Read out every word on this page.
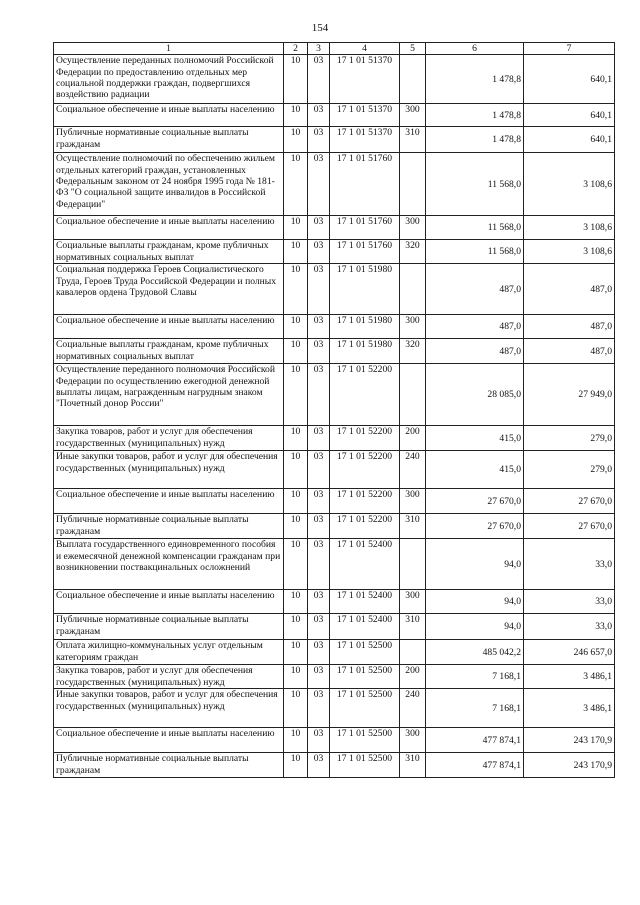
154
1	2	3	4	5	6	7
Осуществление переданных полномочий Российской Федерации по предоставлению отдельных мер социальной поддержки граждан, подвергшихся воздействию радиации	10	03	17 1 01 51370		1 478,8	640,1
Социальное обеспечение и иные выплаты населению	10	03	17 1 01 51370	300	1 478,8	640,1
Публичные нормативные социальные выплаты гражданам	10	03	17 1 01 51370	310	1 478,8	640,1
Осуществление полномочий по обеспечению жильем отдельных категорий граждан, установленных Федеральным законом от 24 ноября 1995 года № 181-ФЗ "О социальной защите инвалидов в Российской Федерации"	10	03	17 1 01 51760		11 568,0	3 108,6
Социальное обеспечение и иные выплаты населению	10	03	17 1 01 51760	300	11 568,0	3 108,6
Социальные выплаты гражданам, кроме публичных нормативных социальных выплат	10	03	17 1 01 51760	320	11 568,0	3 108,6
Социальная поддержка Героев Социалистического Труда, Героев Труда Российской Федерации и полных кавалеров ордена Трудовой Славы	10	03	17 1 01 51980		487,0	487,0
Социальное обеспечение и иные выплаты населению	10	03	17 1 01 51980	300	487,0	487,0
Социальные выплаты гражданам, кроме публичных нормативных социальных выплат	10	03	17 1 01 51980	320	487,0	487,0
Осуществление переданного полномочия Российской Федерации по осуществлению ежегодной денежной выплаты лицам, награжденным нагрудным знаком "Почетный донор России"	10	03	17 1 01 52200		28 085,0	27 949,0
Закупка товаров, работ и услуг для обеспечения государственных (муниципальных) нужд	10	03	17 1 01 52200	200	415,0	279,0
Иные закупки товаров, работ и услуг для обеспечения государственных (муниципальных) нужд	10	03	17 1 01 52200	240	415,0	279,0
Социальное обеспечение и иные выплаты населению	10	03	17 1 01 52200	300	27 670,0	27 670,0
Публичные нормативные социальные выплаты гражданам	10	03	17 1 01 52200	310	27 670,0	27 670,0
Выплата государственного единовременного пособия и ежемесячной денежной компенсации гражданам при возникновении поствакцинальных осложнений	10	03	17 1 01 52400		94,0	33,0
Социальное обеспечение и иные выплаты населению	10	03	17 1 01 52400	300	94,0	33,0
Публичные нормативные социальные выплаты гражданам	10	03	17 1 01 52400	310	94,0	33,0
Оплата жилищно-коммунальных услуг отдельным категориям граждан	10	03	17 1 01 52500		485 042,2	246 657,0
Закупка товаров, работ и услуг для обеспечения государственных (муниципальных) нужд	10	03	17 1 01 52500	200	7 168,1	3 486,1
Иные закупки товаров, работ и услуг для обеспечения государственных (муниципальных) нужд	10	03	17 1 01 52500	240	7 168,1	3 486,1
Социальное обеспечение и иные выплаты населению	10	03	17 1 01 52500	300	477 874,1	243 170,9
Публичные нормативные социальные выплаты гражданам	10	03	17 1 01 52500	310	477 874,1	243 170,9
